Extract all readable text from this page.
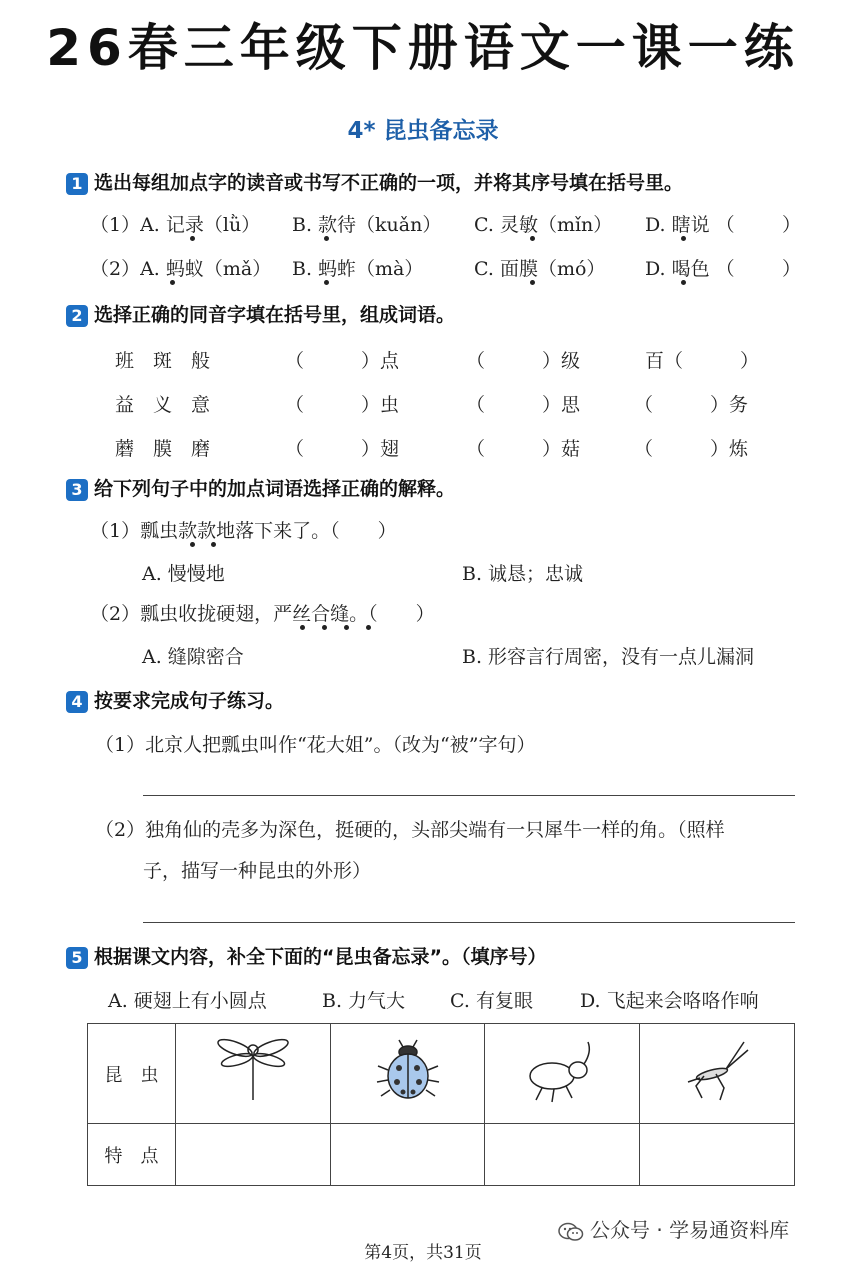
26春三年级下册语文一课一练
4* 昆虫备忘录
1 选出每组加点字的读音或书写不正确的一项，并将其序号填在括号里。
（1）A. 记录（lǜ） B. 款待（kuǎn） C. 灵敏（mǐn） D. 瞎说 （ ）
（2）A. 蚂蚁（mǎ） B. 蚂蚱（mà）	C. 面膜（mó） D. 喝色 （ ）
2 选择正确的同音字填在括号里，组成词语。
班　斑　般	（　　　）点	（　　　）级	百（　　　）
益　义　意	（　　　）虫	（　　　）思	（　　　）务
蘑　膜　磨	（　　　）翅	（　　　）菇	（　　　）炼
3 给下列句子中的加点词语选择正确的解释。
（1）瓢虫款款地落下来了。（　　）
A. 慢慢地	B. 诚恳；忠诚
（2）瓢虫收拢硬翅，严丝合缝。（　　）
A. 缝隙密合	B. 形容言行周密，没有一点儿漏洞
4 按要求完成句子练习。
（1）北京人把瓢虫叫作“花大姐”。（改为“被”字句）
（2）独角仙的壳多为深色，挺硬的，头部尖端有一只犀牛一样的角。（照样
子，描写一种昆虫的外形）
5 根据课文内容，补全下面的“昆虫备忘录”。（填序号）
A. 硬翅上有小圆点	B. 力气大 C. 有复眼 D. 飞起来会咯咯作响
昆　虫				
特　点				
公众号 · 学易通资料库
第4页，共31页
